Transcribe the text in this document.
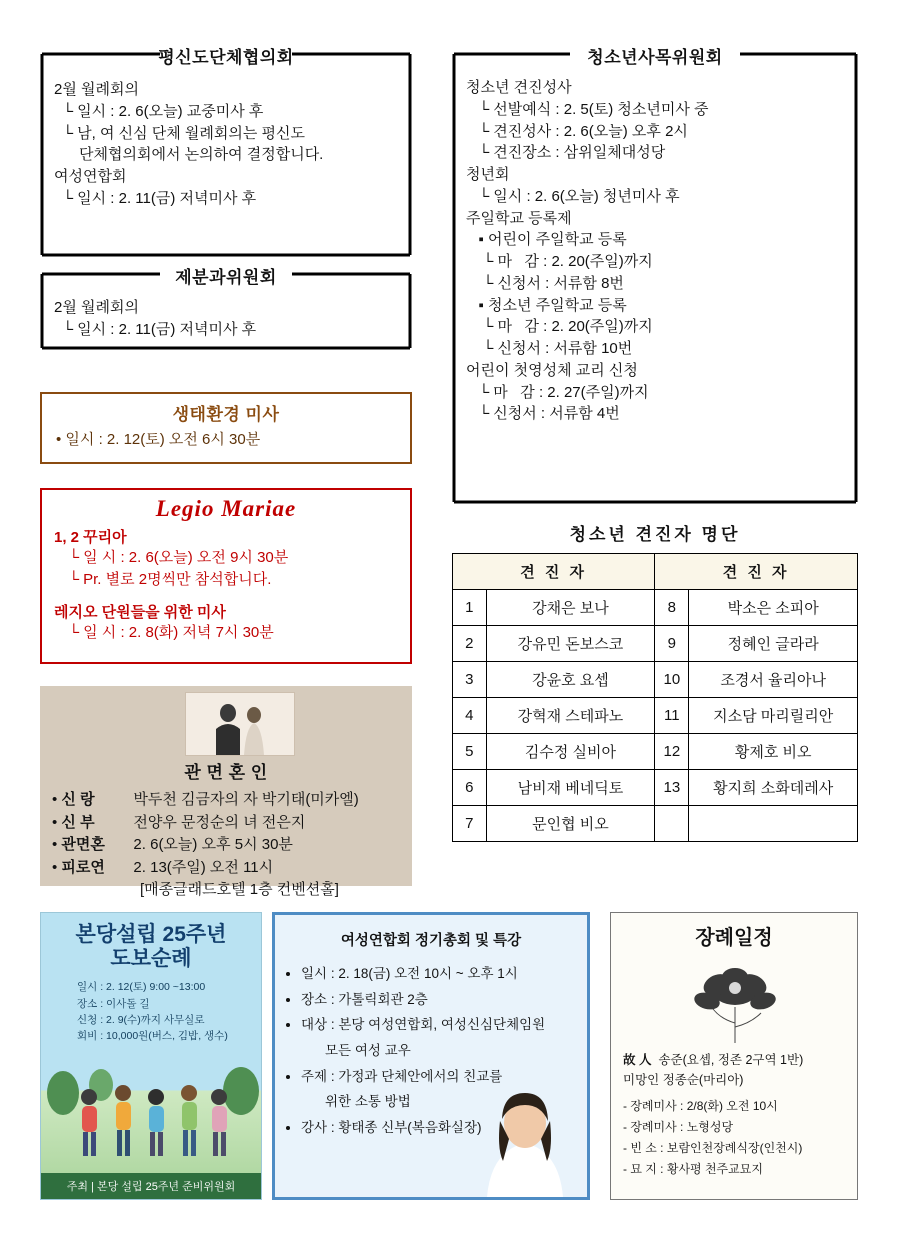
평신도단체협의회
2월 월례회의
└ 일시 : 2. 6(오늘) 교중미사 후
└ 남, 여 신심 단체 월례회의는 평신도
단체협의회에서 논의하여 결정합니다.
여성연합회
└ 일시 : 2. 11(금) 저녁미사 후
제분과위원회
2월 월례회의
└ 일시 : 2. 11(금) 저녁미사 후
생태환경 미사
• 일시 : 2. 12(토) 오전 6시 30분
Legio Mariae
1, 2 꾸리아
└ 일 시 : 2. 6(오늘) 오전 9시 30분
└ Pr. 별로 2명씩만 참석합니다.
레지오 단원들을 위한 미사
└ 일 시 : 2. 8(화) 저녁 7시 30분
관 면 혼 인
• 신 랑	박두천 김금자의 자 박기태(미카엘)
• 신 부	전양우 문정순의 녀 전은지
• 관면혼 2. 6(오늘) 오후 5시 30분
• 피로연 2. 13(주일) 오전 11시
[매종글래드호텔 1층 컨벤션홀]
청소년사목위원회
청소년 견진성사
└ 선발예식 : 2. 5(토) 청소년미사 중
└ 견진성사 : 2. 6(오늘) 오후 2시
└ 견진장소 : 삼위일체대성당
청년회
└ 일시 : 2. 6(오늘) 청년미사 후
주일학교 등록제
▪ 어린이 주일학교 등록
└ 마   감 : 2. 20(주일)까지
└ 신청서 : 서류함 8번
▪ 청소년 주일학교 등록
└ 마   감 : 2. 20(주일)까지
└ 신청서 : 서류함 10번
어린이 첫영성체 교리 신청
└ 마   감 : 2. 27(주일)까지
└ 신청서 : 서류함 4번
청소년 견진자 명단
견 진 자		견 진 자	
1	강채은 보나	8	박소은 소피아
2	강유민 돈보스코	9	정혜인 글라라
3	강윤호 요셉	10	조경서 율리아나
4	강혁재 스테파노	11	지소담 마리릴리안
5	김수정 실비아	12	황제호 비오
6	남비재 베네딕토	13	황지희 소화데레사
7	문인협 비오		
본당설립 25주년
도보순례
일시 : 2. 12(토) 9:00 ~13:00
장소 : 이사돌 길
신청 : 2. 9(수)까지 사무실로
회비 : 10,000원(버스, 김밥, 생수)
주최 | 본당 설립 25주년 준비위원회
여성연합회 정기총회 및 특강
• 일시 : 2. 18(금) 오전 10시 ~ 오후 1시
• 장소 : 가톨릭회관 2층
• 대상 : 본당 여성연합회, 여성신심단체임원
모든 여성 교우
• 주제 : 가정과 단체안에서의 친교를
위한 소통 방법
• 강사 : 황태종 신부(복음화실장)
장례일정
故 人 송준(요셉, 정존 2구역 1반)
미망인 정종순(마리아)
- 장례미사 : 2/8(화) 오전 10시
- 장례미사 : 노형성당
- 빈 소 : 보람인천장례식장(인천시)
- 묘 지 : 황사평 천주교묘지
